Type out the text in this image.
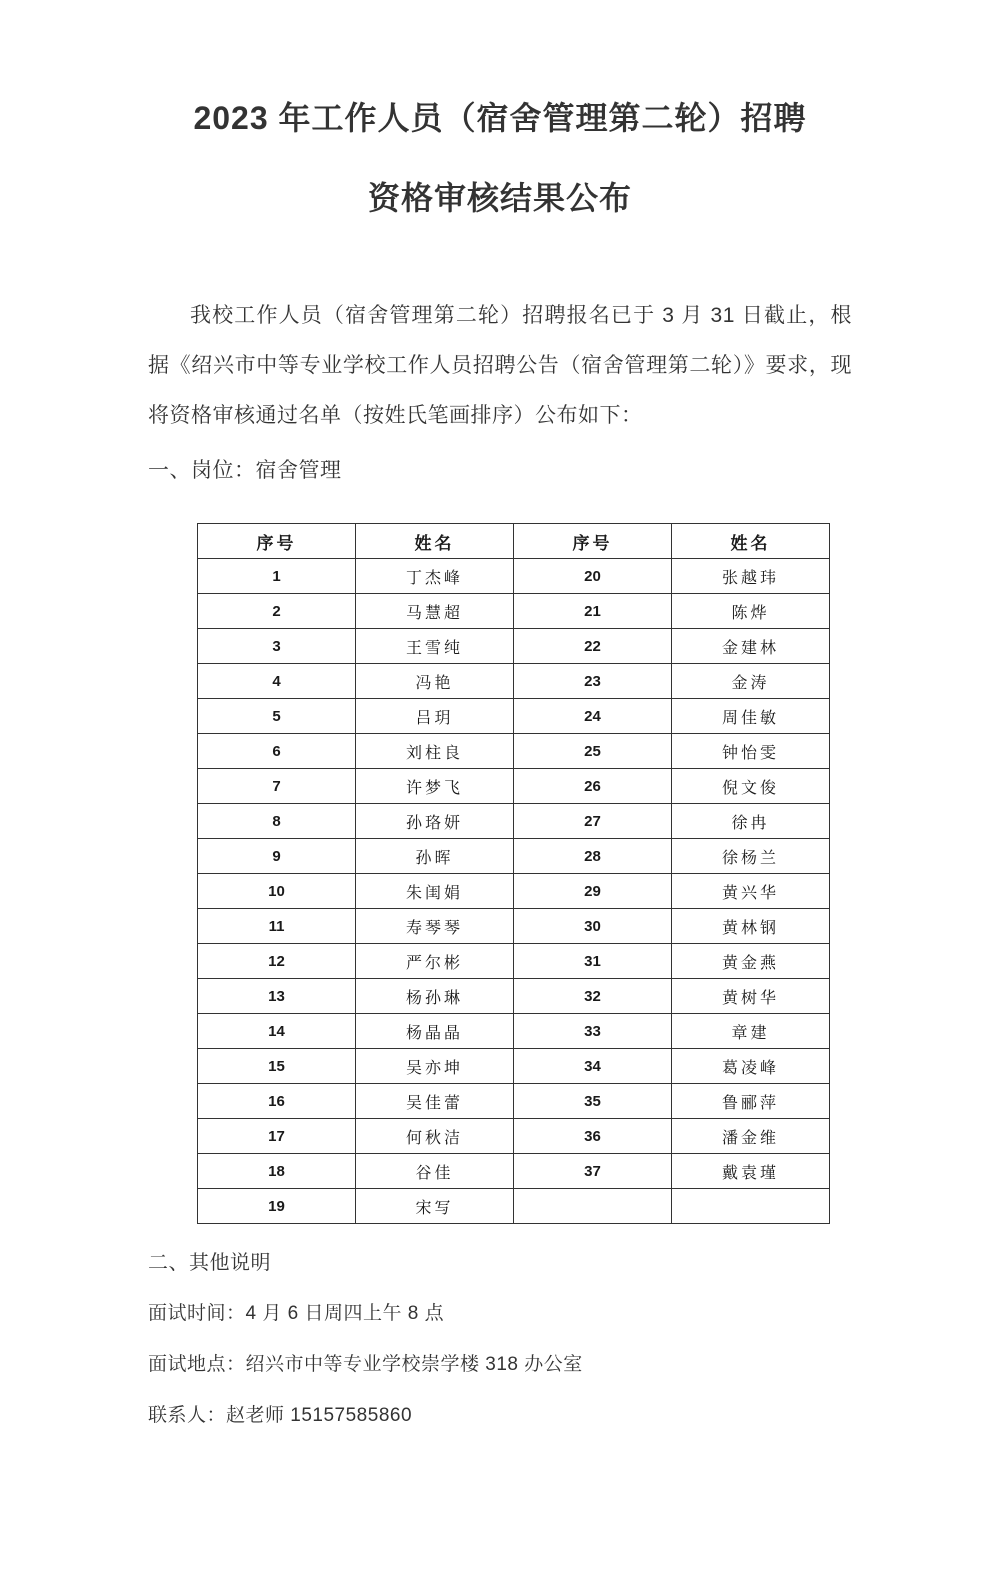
2023 年工作人员（宿舍管理第二轮）招聘
资格审核结果公布

我校工作人员（宿舍管理第二轮）招聘报名已于 3 月 31 日截止，根据《绍兴市中等专业学校工作人员招聘公告（宿舍管理第二轮）》要求，现将资格审核通过名单（按姓氏笔画排序）公布如下：

一、岗位：宿舍管理
序号	姓名	序号	姓名
1	丁杰峰	20	张越玮
2	马慧超	21	陈烨
3	王雪纯	22	金建林
4	冯艳	23	金涛
5	吕玥	24	周佳敏
6	刘柱良	25	钟怡雯
7	许梦飞	26	倪文俊
8	孙珞妍	27	徐冉
9	孙晖	28	徐杨兰
10	朱闺娟	29	黄兴华
11	寿琴琴	30	黄林钢
12	严尔彬	31	黄金燕
13	杨孙琳	32	黄树华
14	杨晶晶	33	章建
15	吴亦坤	34	葛凌峰
16	吴佳蕾	35	鲁郦萍
17	何秋洁	36	潘金维
18	谷佳	37	戴袁瑾
19	宋写		
二、其他说明

面试时间：4 月 6 日周四上午 8 点

面试地点：绍兴市中等专业学校崇学楼 318 办公室

联系人：赵老师 15157585860
